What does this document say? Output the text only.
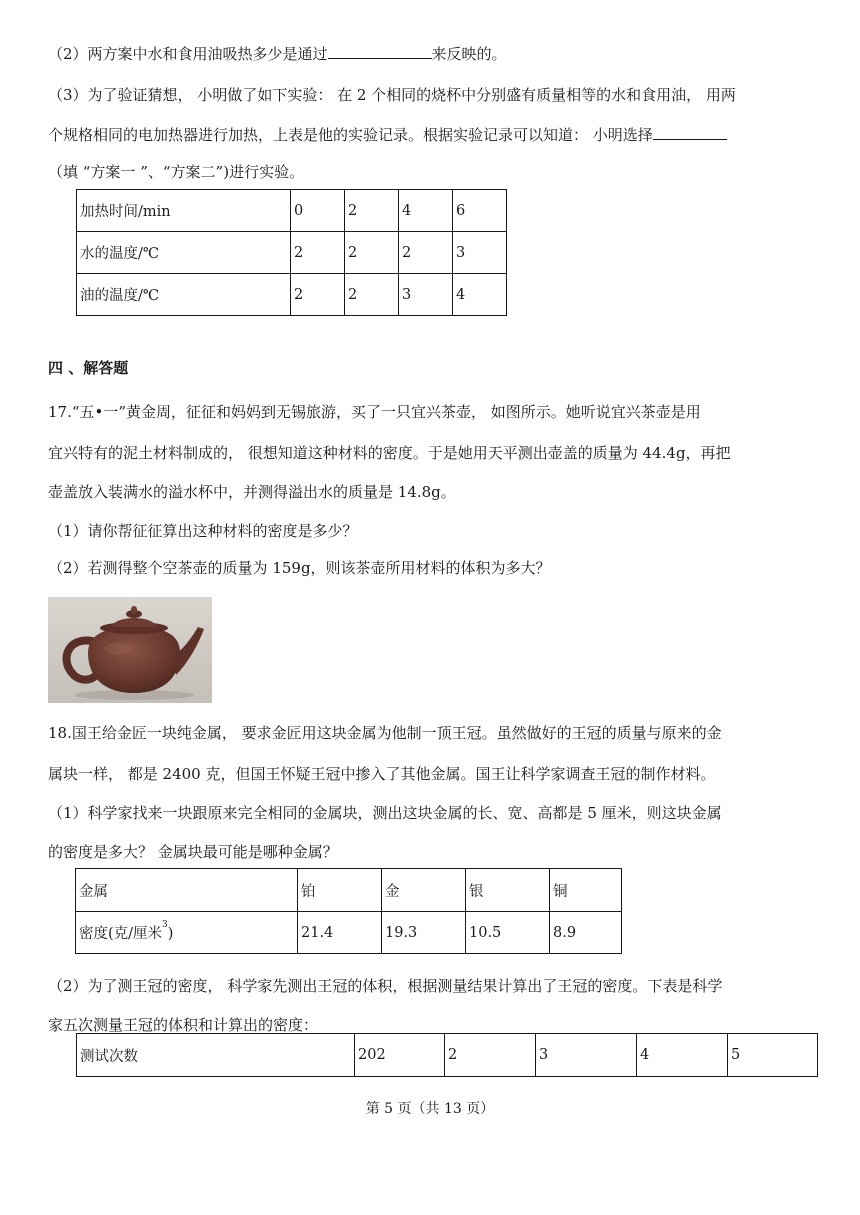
（2）两方案中水和食用油吸热多少是通过	来反映的。
（3）为了验证猜想， 小明做了如下实验： 在 2 个相同的烧杯中分别盛有质量相等的水和食用油， 用两
个规格相同的电加热器进行加热，上表是他的实验记录。根据实验记录可以知道： 小明选择
（填 “方案一 ”、“方案二”)进行实验。
加热时间/min	0	2	4	6
水的温度/℃	2	2	2	3
油的温度/℃	2	2	3	4
四 、解答题
17.“五•一”黄金周，征征和妈妈到无锡旅游，买了一只宜兴茶壶， 如图所示。她听说宜兴茶壶是用
宜兴特有的泥土材料制成的， 很想知道这种材料的密度。于是她用天平测出壶盖的质量为 44.4g，再把
壶盖放入装满水的溢水杯中，并测得溢出水的质量是 14.8g。
（1）请你帮征征算出这种材料的密度是多少？
（2）若测得整个空茶壶的质量为 159g，则该茶壶所用材料的体积为多大？
18.国王给金匠一块纯金属， 要求金匠用这块金属为他制一顶王冠。虽然做好的王冠的质量与原来的金
属块一样， 都是 2400 克，但国王怀疑王冠中掺入了其他金属。国王让科学家调查王冠的制作材料。
（1）科学家找来一块跟原来完全相同的金属块，测出这块金属的长、宽、高都是 5 厘米，则这块金属
的密度是多大？ 金属块最可能是哪种金属？
金属	铂	金	银	铜
密度(克/厘米$^3$)	21.4	19.3	10.5	8.9
（2）为了测王冠的密度， 科学家先测出王冠的体积，根据测量结果计算出了王冠的密度。下表是科学
家五次测量王冠的体积和计算出的密度：
测试次数	202	2	3	4	5
第 5 页（共 13 页）
